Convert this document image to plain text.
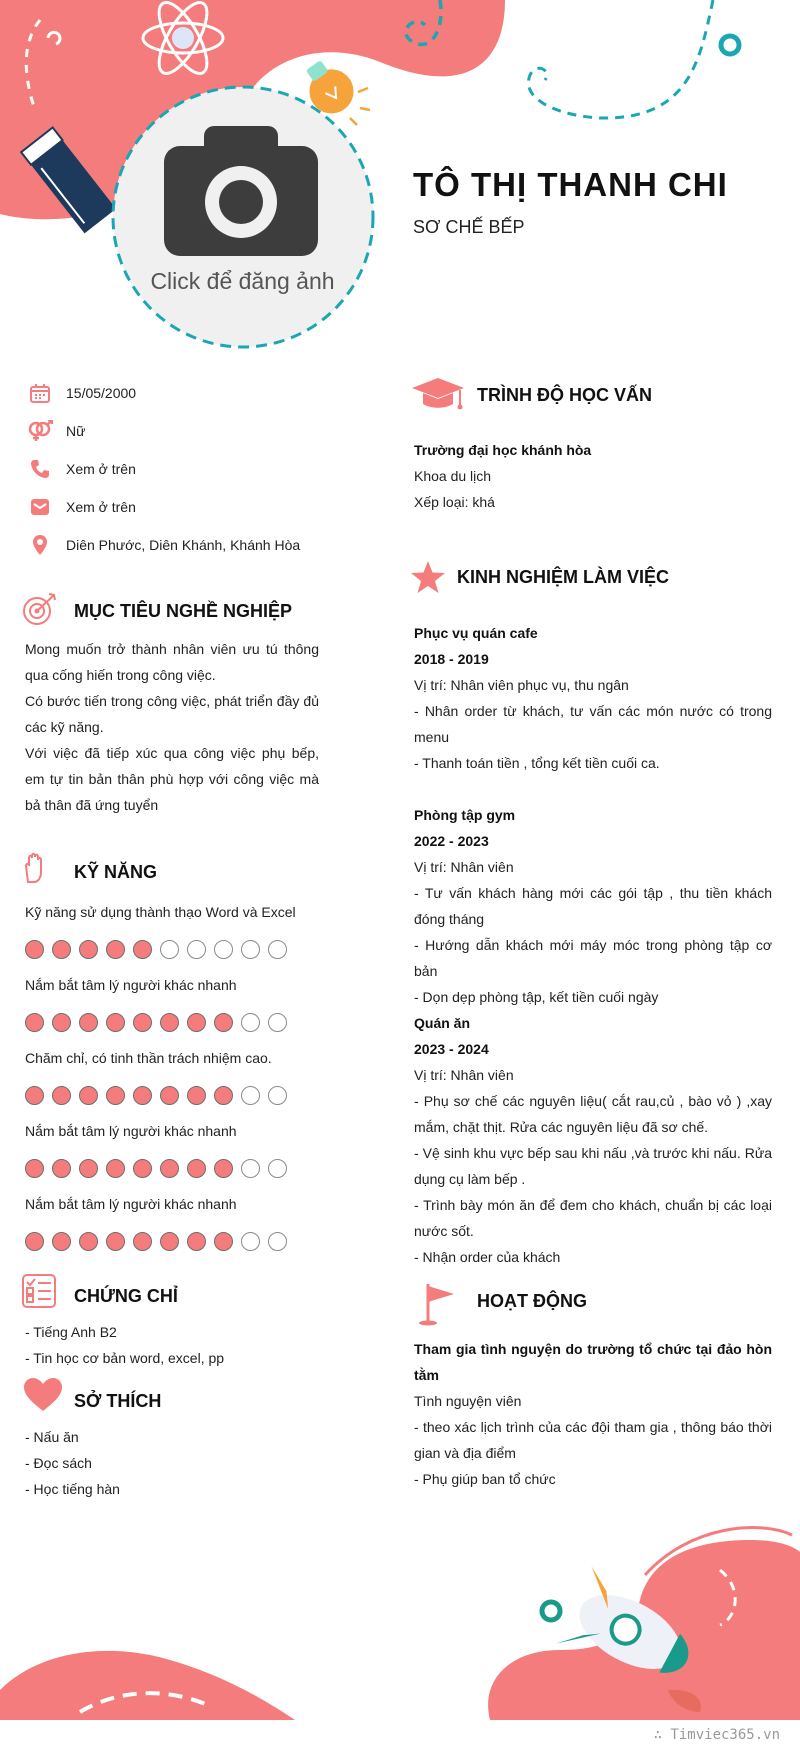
Click để đăng ảnh
TÔ THỊ THANH CHI
SƠ CHẾ BẾP
15/05/2000
Nữ
Xem ở trên
Xem ở trên
Diên Phước, Diên Khánh, Khánh Hòa
MỤC TIÊU NGHỀ NGHIỆP

Mong muốn trở thành nhân viên ưu tú thông qua cống hiến trong công việc.

Có bước tiến trong công việc, phát triển đầy đủ các kỹ năng.

Với việc đã tiếp xúc qua công việc phụ bếp, em tự tin bản thân phù hợp với công việc mà bả thân đã ứng tuyển

KỸ NĂNG
Kỹ năng sử dụng thành thạo Word và Excel
Nắm bắt tâm lý người khác nhanh
Chăm chỉ, có tinh thần trách nhiệm cao.
Nắm bắt tâm lý người khác nhanh
Nắm bắt tâm lý người khác nhanh
CHỨNG CHỈ
- Tiếng Anh B2
- Tin học cơ bản word, excel, pp
SỞ THÍCH
- Nấu ăn
- Đọc sách
- Học tiếng hàn
TRÌNH ĐỘ HỌC VẤN
Trường đại học khánh hòa
Khoa du lịch
Xếp loại: khá
KINH NGHIỆM LÀM VIỆC
Phục vụ quán cafe
2018 - 2019
Vị trí: Nhân viên phục vụ, thu ngân
- Nhân order từ khách, tư vấn các món nước có trong menu
- Thanh toán tiền , tổng kết tiền cuối ca.
Phòng tập gym
2022 - 2023
Vị trí: Nhân viên
- Tư vấn khách hàng mới các gói tập , thu tiền khách đóng tháng
- Hướng dẫn khách mới máy móc trong phòng tập cơ bản
- Dọn dẹp phòng tập, kết tiền cuối ngày
Quán ăn
2023 - 2024
Vị trí: Nhân viên
- Phụ sơ chế các nguyên liệu( cắt rau,củ , bào vỏ ) ,xay mắm, chặt thịt. Rửa các nguyên liệu đã sơ chế.
- Vệ sinh khu vực bếp sau khi nấu ,và trước khi nấu. Rửa dụng cụ làm bếp .
- Trình bày món ăn để đem cho khách, chuẩn bị các loại nước sốt.
- Nhận order của khách
HOẠT ĐỘNG
Tham gia tình nguyện do trường tổ chức tại đảo hòn tằm
Tình nguyện viên
- theo xác lịch trình của các đội tham gia , thông báo thời gian và địa điểm
- Phụ giúp ban tổ chức
∴ Timviec365.vn
